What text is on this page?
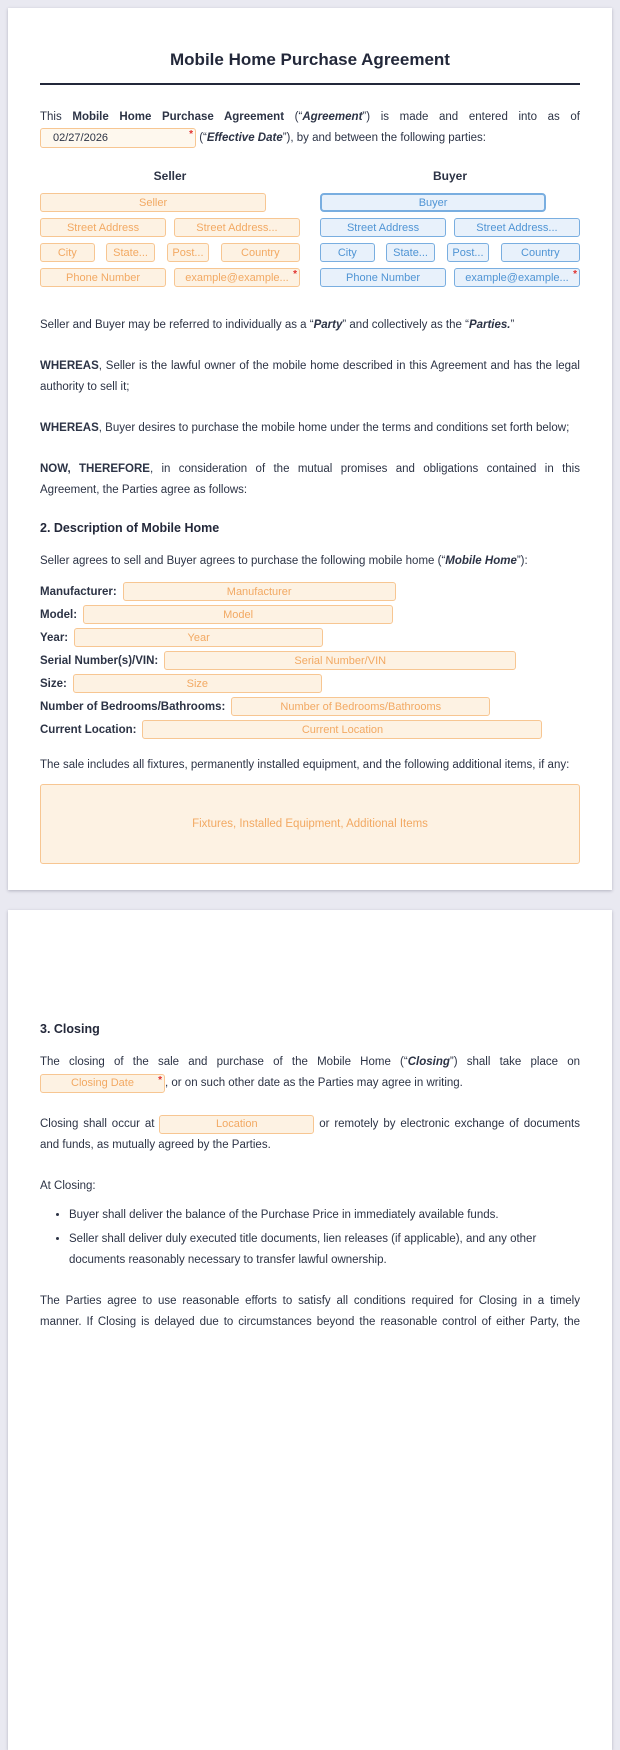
Mobile Home Purchase Agreement

This Mobile Home Purchase Agreement (“Agreement”) is made and entered into as of
02/27/2026	* (“Effective Date”), by and between the following parties:

Seller
Seller
Street Address	Street Address...
City	State...	Post...	Country
Phone Number	example@example... *
Buyer
Buyer
Street Address	Street Address...
City	State...	Post...	Country
Phone Number	example@example... *

Seller and Buyer may be referred to individually as a “Party” and collectively as the “Parties.”

WHEREAS, Seller is the lawful owner of the mobile home described in this Agreement and has the legal authority to sell it;

WHEREAS, Buyer desires to purchase the mobile home under the terms and conditions set forth below;

NOW, THEREFORE, in consideration of the mutual promises and obligations contained in this Agreement, the Parties agree as follows:

2. Description of Mobile Home

Seller agrees to sell and Buyer agrees to purchase the following mobile home (“Mobile Home”):

Manufacturer:	Manufacturer
Model:	Model
Year:	Year
Serial Number(s)/VIN:	Serial Number/VIN
Size:	Size
Number of Bedrooms/Bathrooms:	Number of Bedrooms/Bathrooms
Current Location:	Current Location

The sale includes all fixtures, permanently installed equipment, and the following additional items, if any:

Fixtures, Installed Equipment, Additional Items
3. Closing

The closing of the sale and purchase of the Mobile Home (“Closing”) shall take place on
Closing Date	* , or on such other date as the Parties may agree in writing.

Closing shall occur at	Location	or remotely by electronic exchange of documents and funds, as mutually agreed by the Parties.

At Closing:

• Buyer shall deliver the balance of the Purchase Price in immediately available funds.
• Seller shall deliver duly executed title documents, lien releases (if applicable), and any other documents reasonably necessary to transfer lawful ownership.

The Parties agree to use reasonable efforts to satisfy all conditions required for Closing in a timely manner. If Closing is delayed due to circumstances beyond the reasonable control of either Party, the
